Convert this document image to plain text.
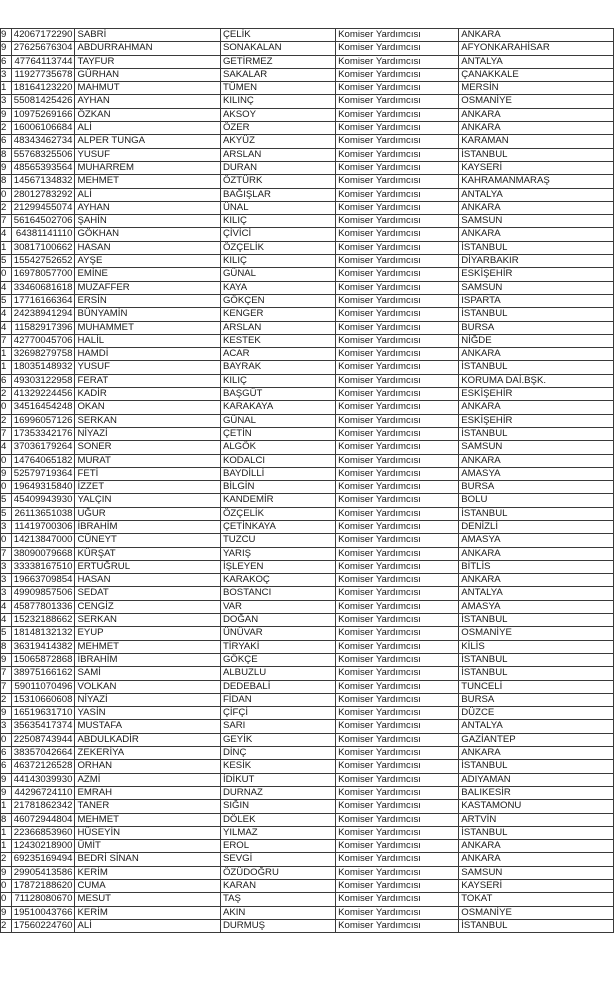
9	42067172290	SABRİ	ÇELİK	Komiser Yardımcısı	ANKARA
9	27625676304	ABDURRAHMAN	SONAKALAN	Komiser Yardımcısı	AFYONKARAHİSAR
6	47764113744	TAYFUR	GETİRMEZ	Komiser Yardımcısı	ANTALYA
3	11927735678	GÜRHAN	SAKALAR	Komiser Yardımcısı	ÇANAKKALE
1	18164123220	MAHMUT	TÜMEN	Komiser Yardımcısı	MERSİN
3	55081425426	AYHAN	KILINÇ	Komiser Yardımcısı	OSMANİYE
9	10975269166	ÖZKAN	AKSOY	Komiser Yardımcısı	ANKARA
2	16006106684	ALİ	ÖZER	Komiser Yardımcısı	ANKARA
6	48343462734	ALPER TUNGA	AKYÜZ	Komiser Yardımcısı	KARAMAN
8	55768325506	YUSUF	ARSLAN	Komiser Yardımcısı	İSTANBUL
9	48565393564	MUHARREM	DURAN	Komiser Yardımcısı	KAYSERİ
8	14567134832	MEHMET	ÖZTÜRK	Komiser Yardımcısı	KAHRAMANMARAŞ
0	28012783292	ALİ	BAĞIŞLAR	Komiser Yardımcısı	ANTALYA
2	21299455074	AYHAN	ÜNAL	Komiser Yardımcısı	ANKARA
7	56164502706	ŞAHİN	KILIÇ	Komiser Yardımcısı	SAMSUN
4	64381141110	GÖKHAN	ÇİVİCİ	Komiser Yardımcısı	ANKARA
1	30817100662	HASAN	ÖZÇELİK	Komiser Yardımcısı	İSTANBUL
5	15542752652	AYŞE	KILIÇ	Komiser Yardımcısı	DİYARBAKIR
0	16978057700	EMİNE	GÜNAL	Komiser Yardımcısı	ESKİŞEHİR
4	33460681618	MUZAFFER	KAYA	Komiser Yardımcısı	SAMSUN
5	17716166364	ERSİN	GÖKÇEN	Komiser Yardımcısı	ISPARTA
4	24238941294	BÜNYAMİN	KENGER	Komiser Yardımcısı	İSTANBUL
4	11582917396	MUHAMMET	ARSLAN	Komiser Yardımcısı	BURSA
7	42770045706	HALİL	KESTEK	Komiser Yardımcısı	NİĞDE
1	32698279758	HAMDİ	ACAR	Komiser Yardımcısı	ANKARA
1	18035148932	YUSUF	BAYRAK	Komiser Yardımcısı	İSTANBUL
6	49303122958	FERAT	KILIÇ	Komiser Yardımcısı	KORUMA DAİ.BŞK.
2	41329224456	KADİR	BAŞGÜT	Komiser Yardımcısı	ESKİŞEHİR
0	34516454248	OKAN	KARAKAYA	Komiser Yardımcısı	ANKARA
2	16996057126	SERKAN	GÜNAL	Komiser Yardımcısı	ESKİŞEHİR
7	17353342176	NİYAZİ	ÇETİN	Komiser Yardımcısı	İSTANBUL
4	37036179264	SONER	ALGÖK	Komiser Yardımcısı	SAMSUN
0	14764065182	MURAT	KODALCI	Komiser Yardımcısı	ANKARA
9	52579719364	FETİ	BAYDİLLİ	Komiser Yardımcısı	AMASYA
0	19649315840	İZZET	BİLGİN	Komiser Yardımcısı	BURSA
5	45409943930	YALÇIN	KANDEMİR	Komiser Yardımcısı	BOLU
5	26113651038	UĞUR	ÖZÇELİK	Komiser Yardımcısı	İSTANBUL
3	11419700306	İBRAHİM	ÇETİNKAYA	Komiser Yardımcısı	DENİZLİ
0	14213847000	CÜNEYT	TUZCU	Komiser Yardımcısı	AMASYA
7	38090079668	KÜRŞAT	YARIŞ	Komiser Yardımcısı	ANKARA
3	33338167510	ERTUĞRUL	İŞLEYEN	Komiser Yardımcısı	BİTLİS
3	19663709854	HASAN	KARAKOÇ	Komiser Yardımcısı	ANKARA
3	49909857506	SEDAT	BOSTANCI	Komiser Yardımcısı	ANTALYA
4	45877801336	CENGİZ	VAR	Komiser Yardımcısı	AMASYA
4	15232188662	SERKAN	DOĞAN	Komiser Yardımcısı	İSTANBUL
5	18148132132	EYUP	ÜNÜVAR	Komiser Yardımcısı	OSMANİYE
8	36319414382	MEHMET	TİRYAKİ	Komiser Yardımcısı	KİLİS
9	15065872868	İBRAHİM	GÖKÇE	Komiser Yardımcısı	İSTANBUL
7	38975166162	SAMİ	ALBUZLU	Komiser Yardımcısı	İSTANBUL
7	59011070496	VOLKAN	DEDEBALİ	Komiser Yardımcısı	TUNCELİ
2	15310660608	NİYAZİ	FİDAN	Komiser Yardımcısı	BURSA
9	16519631710	YASİN	ÇİFÇİ	Komiser Yardımcısı	DÜZCE
3	35635417374	MUSTAFA	SARI	Komiser Yardımcısı	ANTALYA
0	22508743944	ABDULKADİR	GEYİK	Komiser Yardımcısı	GAZİANTEP
6	38357042664	ZEKERİYA	DİNÇ	Komiser Yardımcısı	ANKARA
6	46372126528	ORHAN	KESİK	Komiser Yardımcısı	İSTANBUL
9	44143039930	AZMİ	İDİKUT	Komiser Yardımcısı	ADIYAMAN
9	44296724110	EMRAH	DURNAZ	Komiser Yardımcısı	BALIKESİR
1	21781862342	TANER	SIĞIN	Komiser Yardımcısı	KASTAMONU
8	46072944804	MEHMET	DÖLEK	Komiser Yardımcısı	ARTVİN
1	22366853960	HÜSEYİN	YILMAZ	Komiser Yardımcısı	İSTANBUL
1	12430218900	ÜMİT	EROL	Komiser Yardımcısı	ANKARA
2	69235169494	BEDRİ SİNAN	SEVGİ	Komiser Yardımcısı	ANKARA
9	29905413586	KERİM	ÖZÜDOĞRU	Komiser Yardımcısı	SAMSUN
0	17872188620	CUMA	KARAN	Komiser Yardımcısı	KAYSERİ
0	71128080670	MESUT	TAŞ	Komiser Yardımcısı	TOKAT
9	19510043766	KERİM	AKIN	Komiser Yardımcısı	OSMANİYE
2	17560224760	ALİ	DURMUŞ	Komiser Yardımcısı	İSTANBUL
